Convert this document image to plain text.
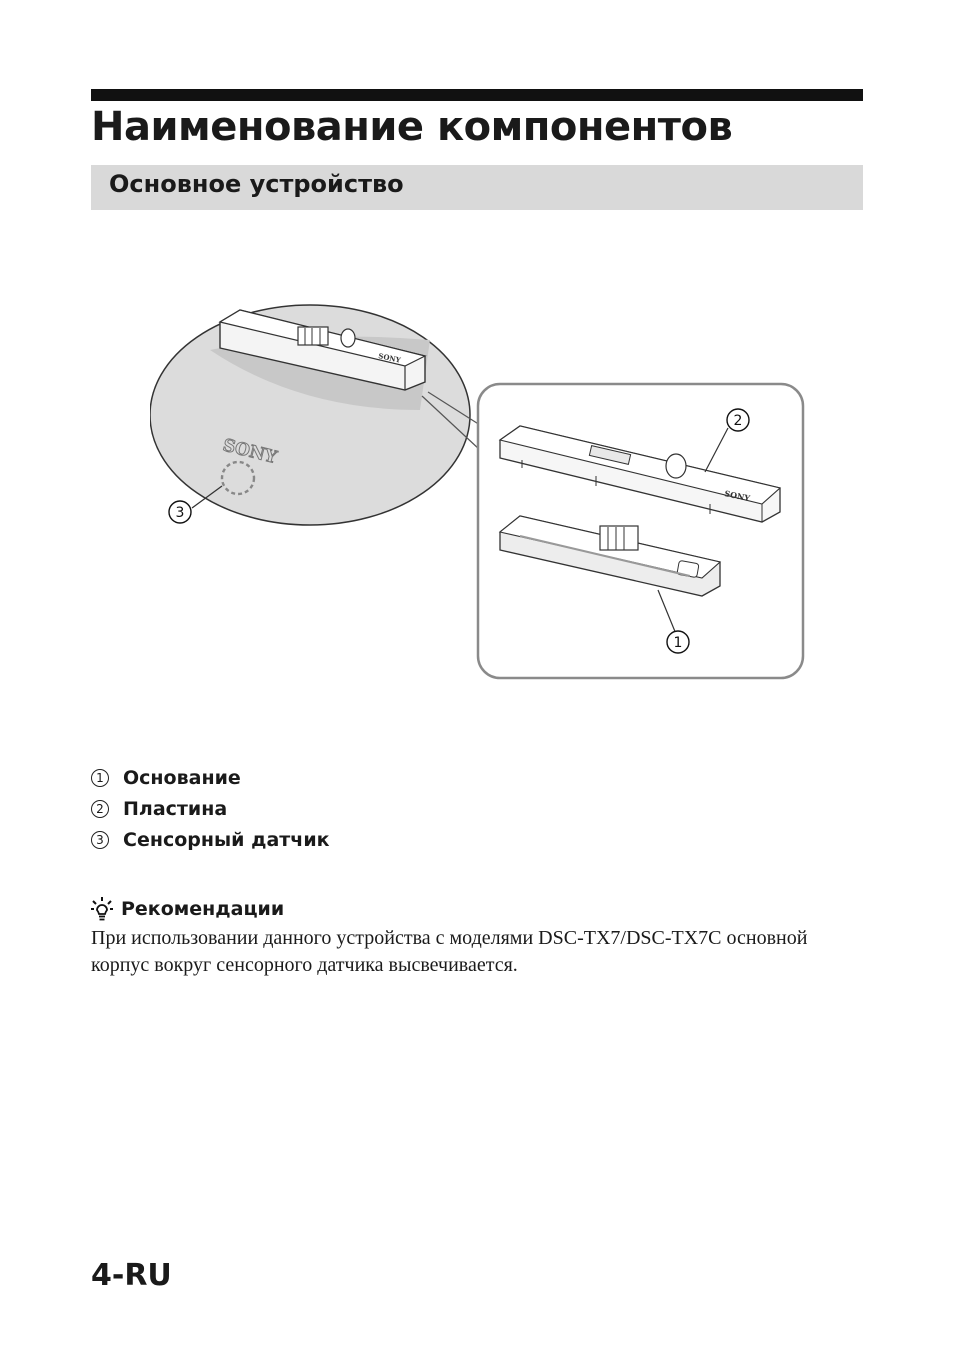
Наименование компонентов
Основное устройство
SONY
SONY
3
SONY
2
1
1 Основание
2 Пластина
3 Сенсорный датчик
Рекомендации

При использовании данного устройства с моделями DSC-TX7/DSC-TX7C основной корпус вокруг сенсорного датчика высвечивается.

4-RU
